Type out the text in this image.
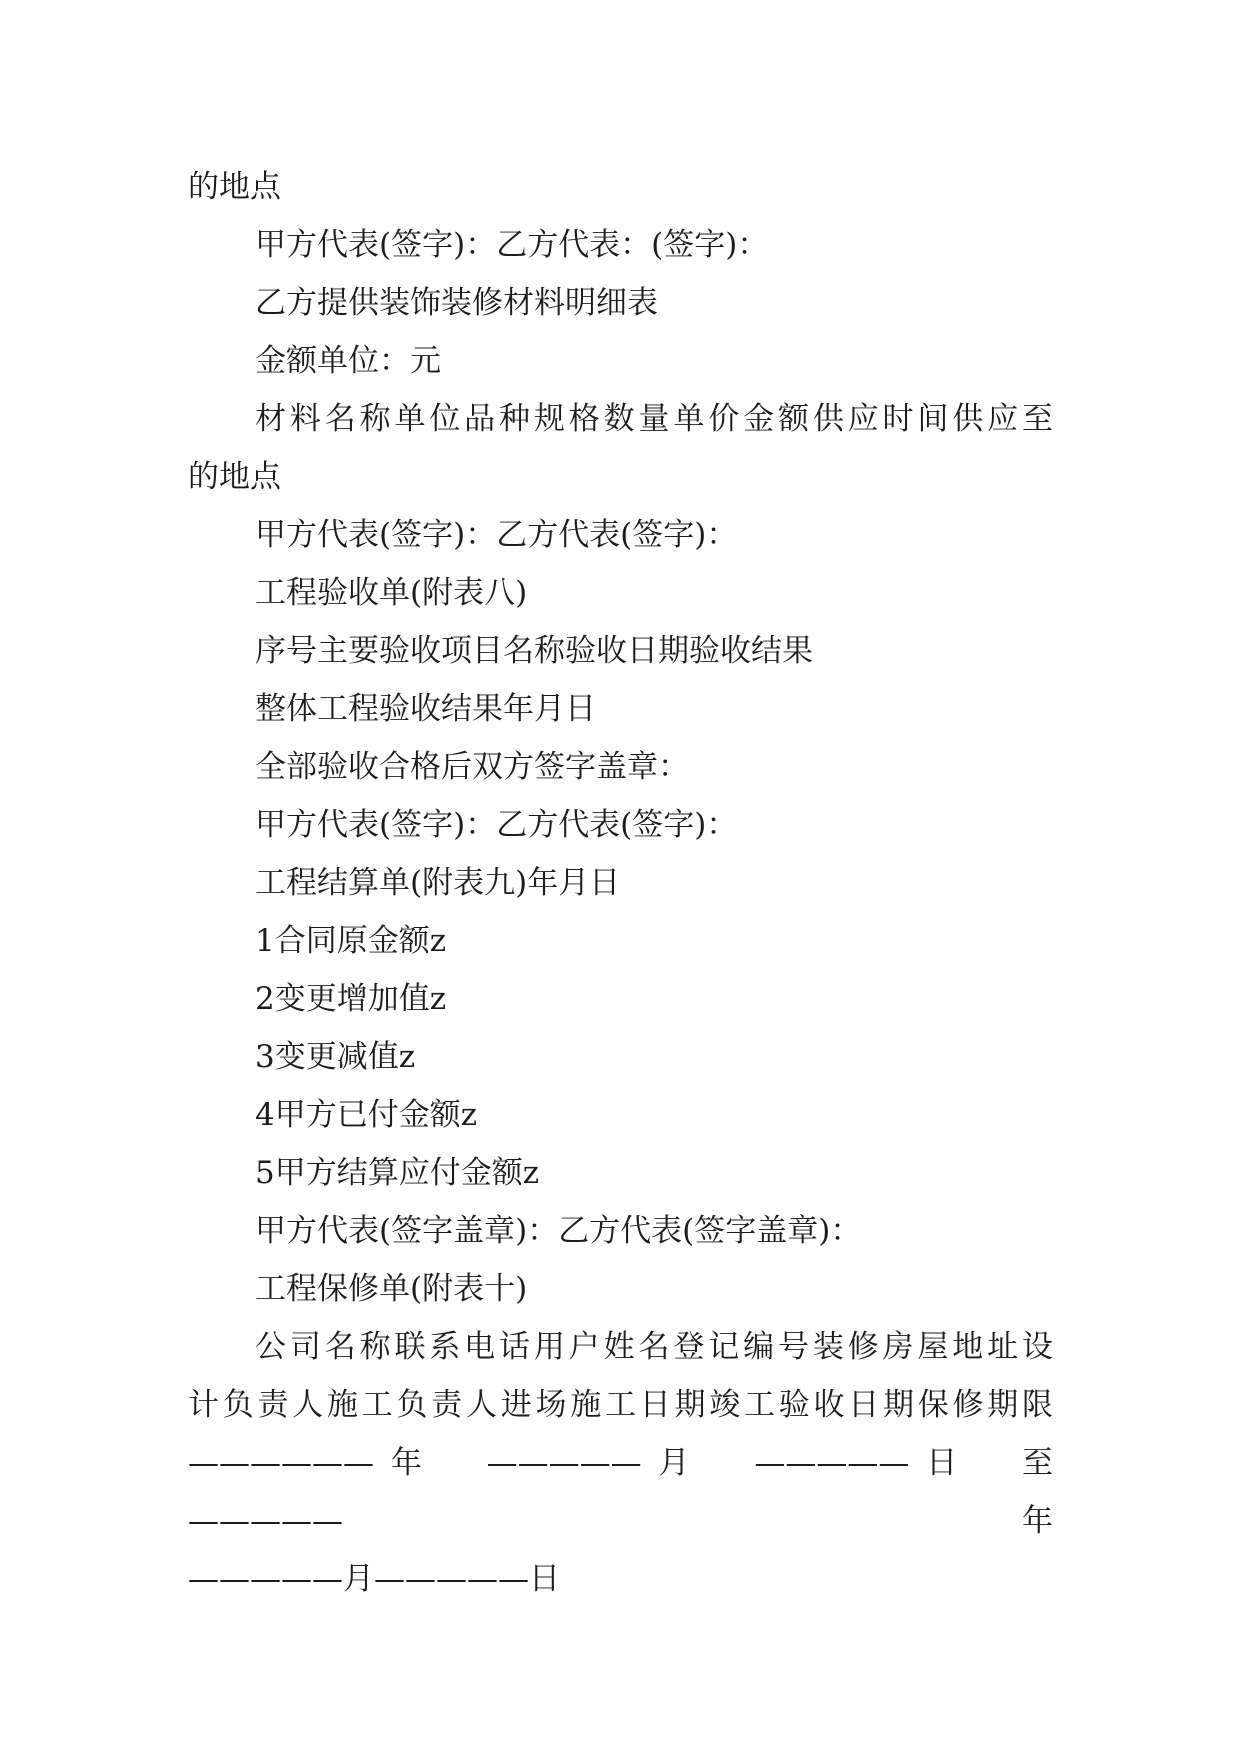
的地点

甲方代表(签字)：乙方代表：(签字)：

乙方提供装饰装修材料明细表

金额单位：元

材料名称单位品种规格数量单价金额供应时间供应至

的地点

甲方代表(签字)：乙方代表(签字)：

工程验收单(附表八)

序号主要验收项目名称验收日期验收结果

整体工程验收结果年月日

全部验收合格后双方签字盖章：

甲方代表(签字)：乙方代表(签字)：

工程结算单(附表九)年月日

1合同原金额z

2变更增加值z

3变更减值z

4甲方已付金额z

5甲方结算应付金额z

甲方代表(签字盖章)：乙方代表(签字盖章)：

工程保修单(附表十)

公司名称联系电话用户姓名登记编号装修房屋地址设

计负责人施工负责人进场施工日期竣工验收日期保修期限

——————年　—————月　—————日　至　—————年

—————月—————日
